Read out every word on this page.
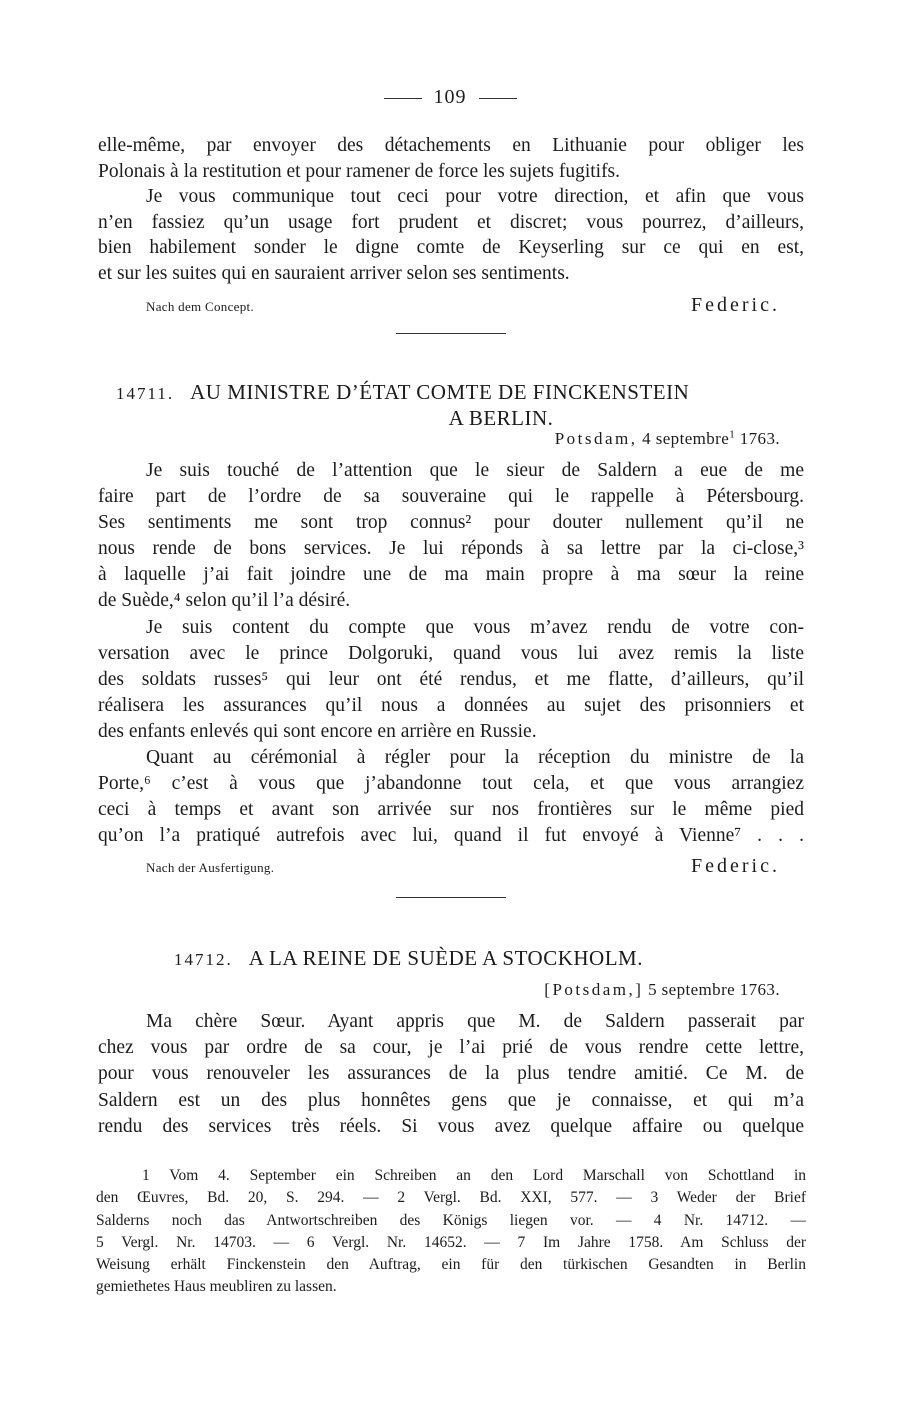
109
elle-même, par envoyer des détachements en Lithuanie pour obliger les
Polonais à la restitution et pour ramener de force les sujets fugitifs.
Je vous communique tout ceci pour votre direction, et afin que vous
n’en fassiez qu’un usage fort prudent et discret; vous pourrez, d’ailleurs,
bien habilement sonder le digne comte de Keyserling sur ce qui en est,
et sur les suites qui en sauraient arriver selon ses sentiments.
Nach dem Concept.	Federic.
14711. AU MINISTRE D’ÉTAT COMTE DE FINCKENSTEIN
A BERLIN.
Potsdam, 4 septembre$^1$ 1763.
Je suis touché de l’attention que le sieur de Saldern a eue de me
faire part de l’ordre de sa souveraine qui le rappelle à Pétersbourg.
Ses sentiments me sont trop connus² pour douter nullement qu’il ne
nous rende de bons services. Je lui réponds à sa lettre par la ci-close,³
à laquelle j’ai fait joindre une de ma main propre à ma sœur la reine
de Suède,⁴ selon qu’il l’a désiré.
Je suis content du compte que vous m’avez rendu de votre con-
versation avec le prince Dolgoruki, quand vous lui avez remis la liste
des soldats russes⁵ qui leur ont été rendus, et me flatte, d’ailleurs, qu’il
réalisera les assurances qu’il nous a données au sujet des prisonniers et
des enfants enlevés qui sont encore en arrière en Russie.
Quant au cérémonial à régler pour la réception du ministre de la
Porte,⁶ c’est à vous que j’abandonne tout cela, et que vous arrangiez
ceci à temps et avant son arrivée sur nos frontières sur le même pied
qu’on l’a pratiqué autrefois avec lui, quand il fut envoyé à Vienne⁷ . . .
Nach der Ausfertigung.	Federic.
14712. A LA REINE DE SUÈDE A STOCKHOLM.
[Potsdam,] 5 septembre 1763.
Ma chère Sœur. Ayant appris que M. de Saldern passerait par
chez vous par ordre de sa cour, je l’ai prié de vous rendre cette lettre,
pour vous renouveler les assurances de la plus tendre amitié. Ce M. de
Saldern est un des plus honnêtes gens que je connaisse, et qui m’a
rendu des services très réels. Si vous avez quelque affaire ou quelque
1 Vom 4. September ein Schreiben an den Lord Marschall von Schottland in
den Œuvres, Bd. 20, S. 294. — 2 Vergl. Bd. XXI, 577. — 3 Weder der Brief
Salderns noch das Antwortschreiben des Königs liegen vor. — 4 Nr. 14712. —
5 Vergl. Nr. 14703. — 6 Vergl. Nr. 14652. — 7 Im Jahre 1758. Am Schluss der
Weisung erhält Finckenstein den Auftrag, ein für den türkischen Gesandten in Berlin
gemiethetes Haus meubliren zu lassen.
